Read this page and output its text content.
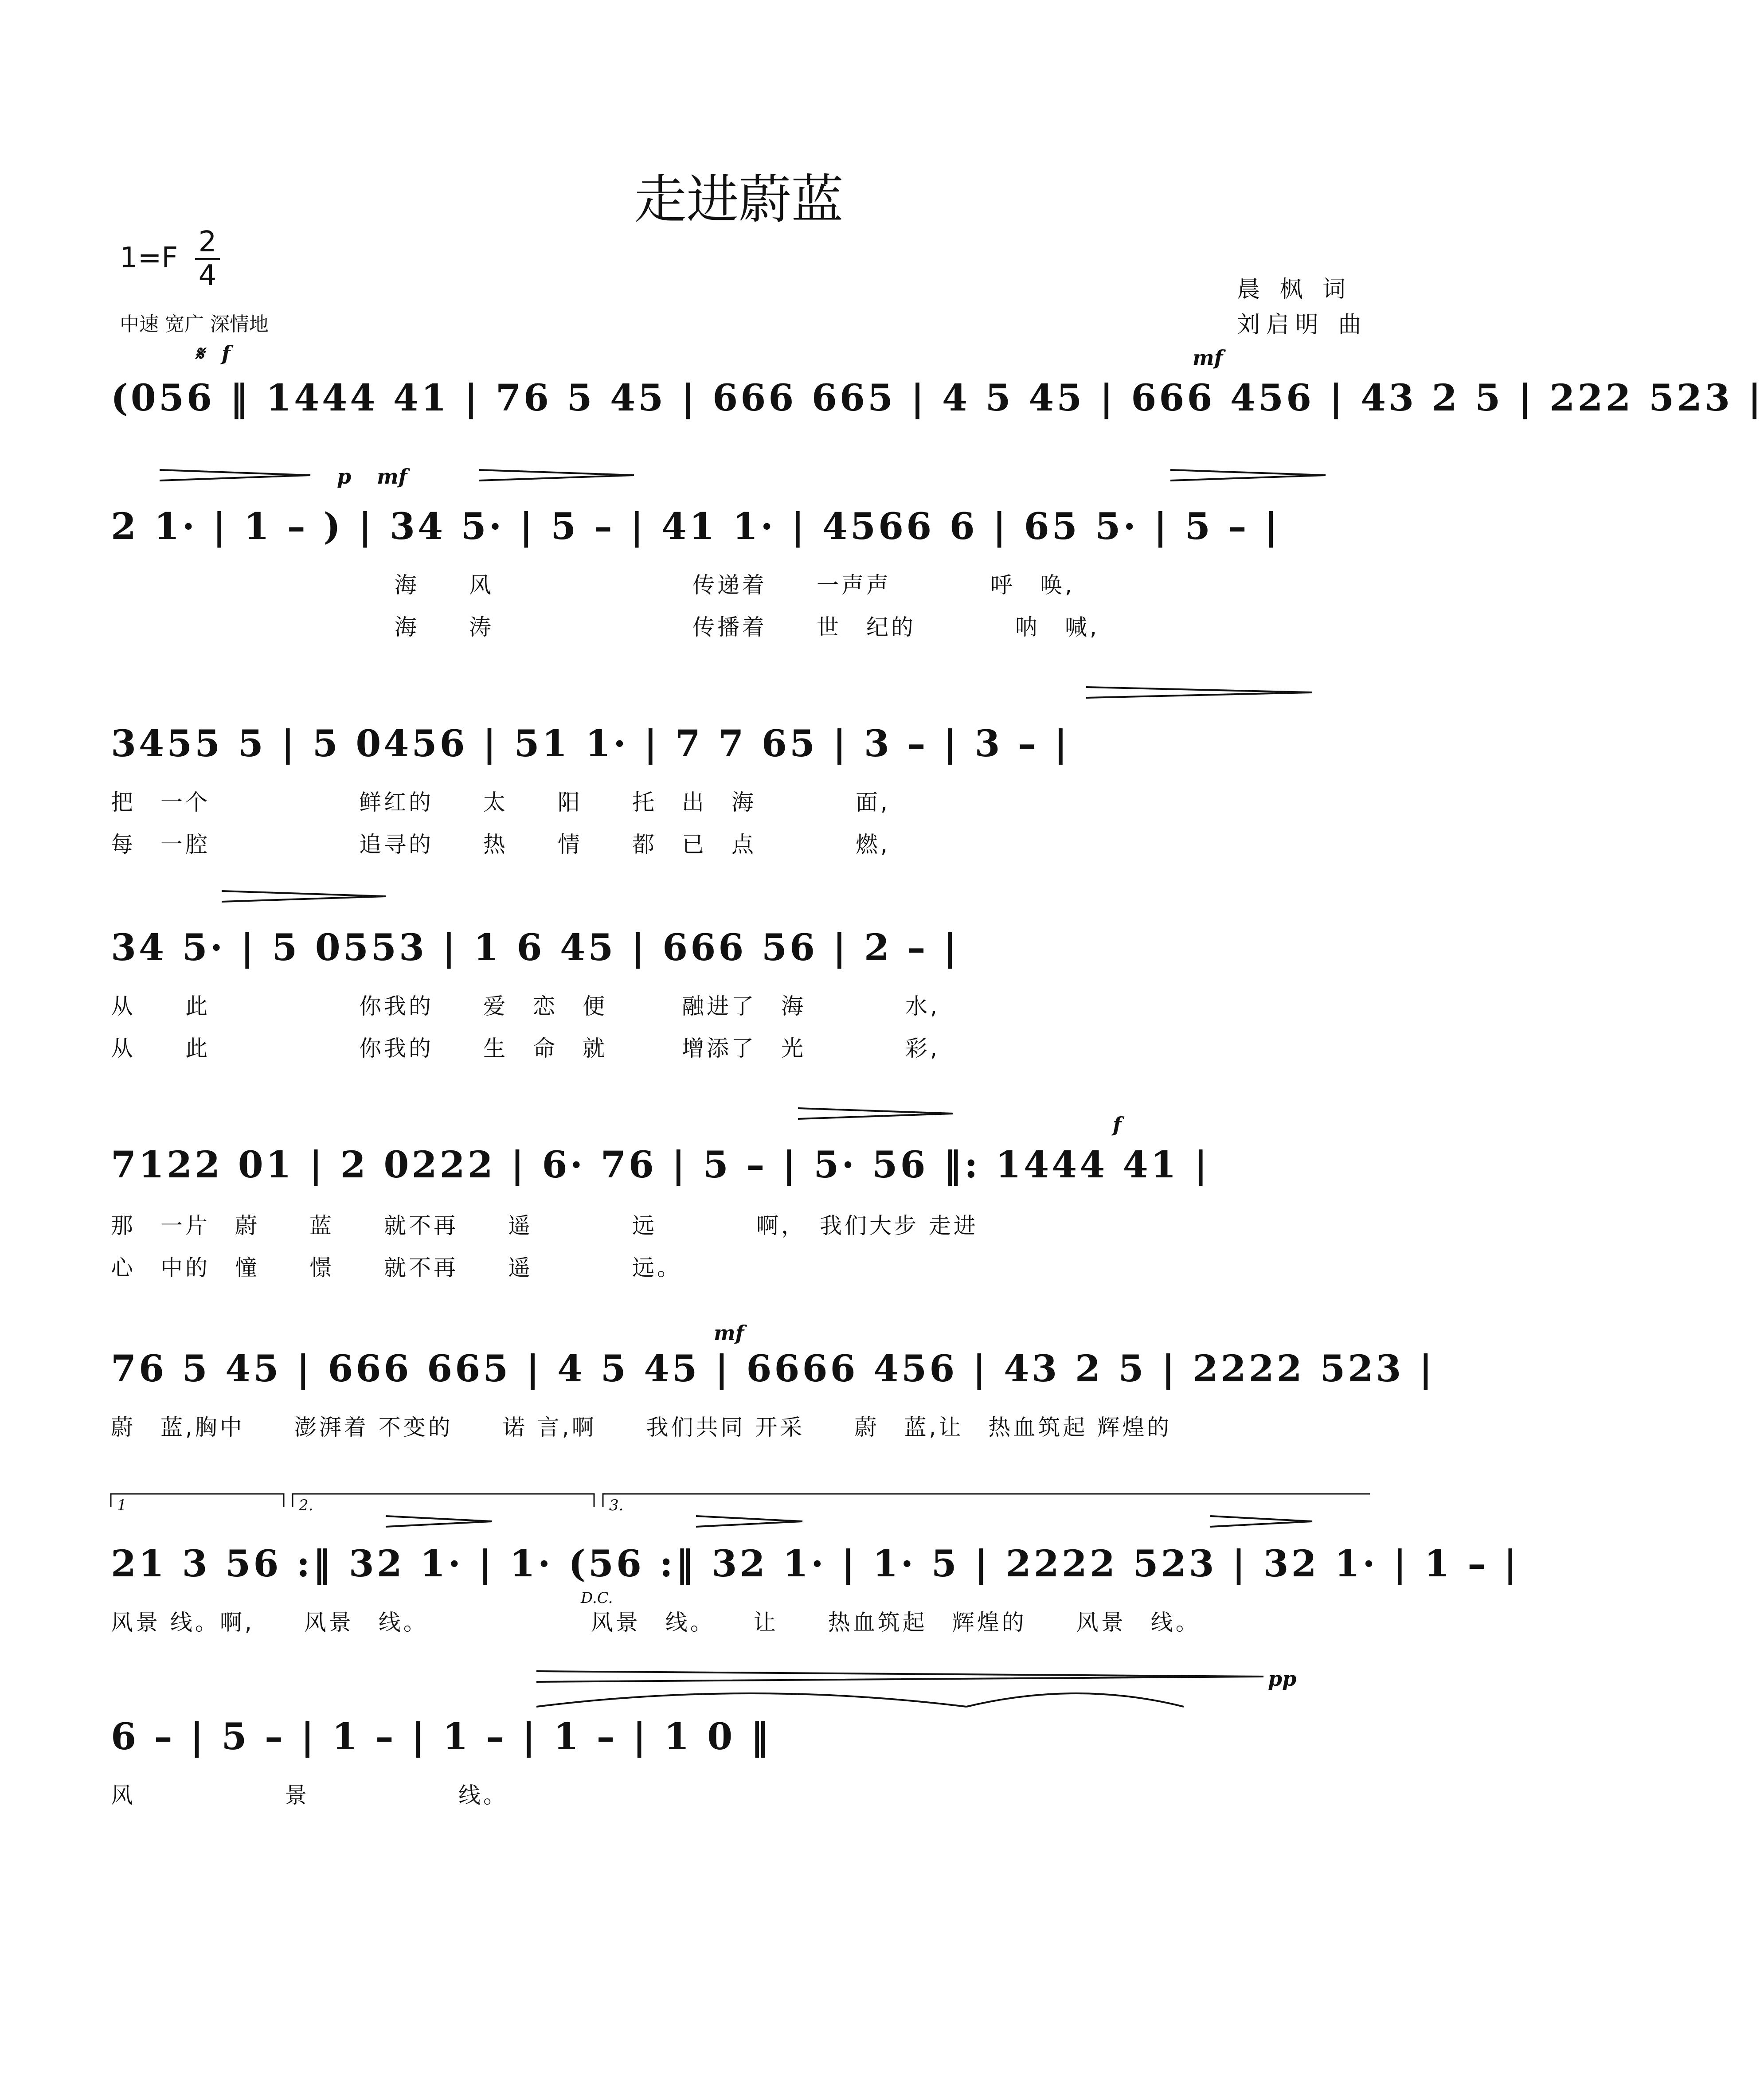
走进蔚蓝
1=F 2
4
中速 宽广 深情地
晨 枫 词
刘启明 曲
𝄋 f	mf
(056 ‖ 1444 41 | 76 5 45 | 666 665 | 4 5 45 | 666 456 | 43 2 5 | 222 523 |
p mf
2 1· | 1 – ) | 34 5· | 5 – | 41 1· | 4566 6 | 65 5· | 5 – |
海　　风　　　　　　　　传递着　　一声声　　　　呼　唤,
海　　涛　　　　　　　　传播着　　世　纪的　　　　呐　喊,
3455 5 | 5 0456 | 51 1· | 7 7 65 | 3 – | 3 – |
把　一个　　　　　　鲜红的　　太　　阳　　托　出　海　　　　面,
每　一腔　　　　　　追寻的　　热　　情　　都　已　点　　　　燃,
34 5· | 5 0553 | 1 6 45 | 666 56 | 2 – |
从　　此　　　　　　你我的　　爱　恋　便　　　融进了　海　　　　水,
从　　此　　　　　　你我的　　生　命　就　　　增添了　光　　　　彩,
f
7122 01 | 2 0222 | 6· 76 | 5 – | 5· 56 ‖: 1444 41 |
那　一片　蔚　　蓝　　就不再　　遥　　　　远　　　　啊，　我们大步 走进
心　中的　憧　　憬　　就不再　　遥　　　　远。
mf
76 5 45 | 666 665 | 4 5 45 | 6666 456 | 43 2 5 | 2222 523 |
蔚　蓝,胸中　　澎湃着 不变的　　诺 言,啊　　我们共同 开采　　蔚　蓝,让　热血筑起 辉煌的
1	2.	3.
21 3 56 :‖ 32 1· | 1· (56 :‖ 32 1· | 1· 5 | 2222 523 | 32 1· | 1 – |
D.C.
风景 线。啊,　　风景　线。　　　　　　　风景　线。　　让　　热血筑起　辉煌的　　风景　线。
pp
6 – | 5 – | 1 – | 1 – | 1 – | 1 0 ‖
风　　　　　　景　　　　　　线。
